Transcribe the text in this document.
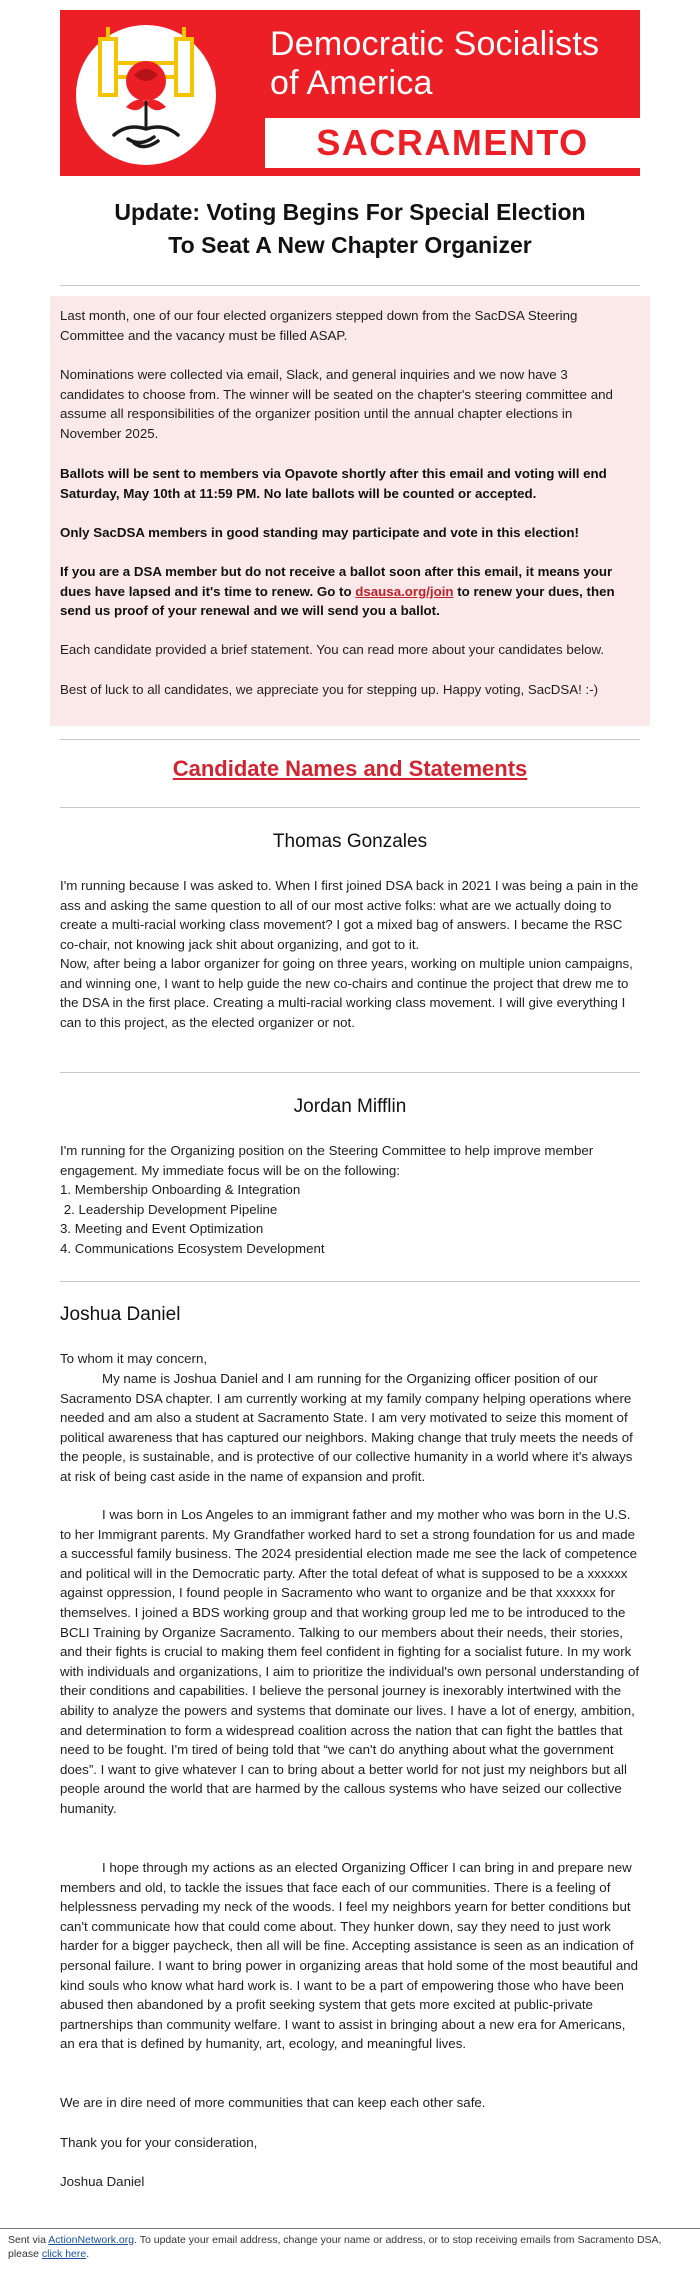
Democratic Socialists
of America
SACRAMENTO
Update: Voting Begins For Special Election
To Seat A New Chapter Organizer

Last month, one of our four elected organizers stepped down from the SacDSA Steering Committee and the vacancy must be filled ASAP.

Nominations were collected via email, Slack, and general inquiries and we now have 3 candidates to choose from. The winner will be seated on the chapter's steering committee and assume all responsibilities of the organizer position until the annual chapter elections in November 2025.

Ballots will be sent to members via Opavote shortly after this email and voting will end Saturday, May 10th at 11:59 PM. No late ballots will be counted or accepted.

Only SacDSA members in good standing may participate and vote in this election!

If you are a DSA member but do not receive a ballot soon after this email, it means your dues have lapsed and it's time to renew. Go to dsausa.org/join to renew your dues, then send us proof of your renewal and we will send you a ballot.

Each candidate provided a brief statement. You can read more about your candidates below.

Best of luck to all candidates, we appreciate you for stepping up. Happy voting, SacDSA! :-)

Candidate Names and Statements
Thomas Gonzales

I'm running because I was asked to. When I first joined DSA back in 2021 I was being a pain in the ass and asking the same question to all of our most active folks: what are we actually doing to create a multi-racial working class movement? I got a mixed bag of answers. I became the RSC co-chair, not knowing jack shit about organizing, and got to it.

Now, after being a labor organizer for going on three years, working on multiple union campaigns, and winning one, I want to help guide the new co-chairs and continue the project that drew me to the DSA in the first place. Creating a multi-racial working class movement. I will give everything I can to this project, as the elected organizer or not.

Jordan Mifflin

I'm running for the Organizing position on the Steering Committee to help improve member engagement. My immediate focus will be on the following:

1. Membership Onboarding & Integration
2. Leadership Development Pipeline
3. Meeting and Event Optimization
4. Communications Ecosystem Development
Joshua Daniel

To whom it may concern,

My name is Joshua Daniel and I am running for the Organizing officer position of our Sacramento DSA chapter. I am currently working at my family company helping operations where needed and am also a student at Sacramento State. I am very motivated to seize this moment of political awareness that has captured our neighbors. Making change that truly meets the needs of the people, is sustainable, and is protective of our collective humanity in a world where it's always at risk of being cast aside in the name of expansion and profit.

I was born in Los Angeles to an immigrant father and my mother who was born in the U.S. to her Immigrant parents. My Grandfather worked hard to set a strong foundation for us and made a successful family business. The 2024 presidential election made me see the lack of competence and political will in the Democratic party. After the total defeat of what is supposed to be a xxxxxx against oppression, I found people in Sacramento who want to organize and be that xxxxxx for themselves. I joined a BDS working group and that working group led me to be introduced to the BCLI Training by Organize Sacramento. Talking to our members about their needs, their stories, and their fights is crucial to making them feel confident in fighting for a socialist future. In my work with individuals and organizations, I aim to prioritize the individual's own personal understanding of their conditions and capabilities. I believe the personal journey is inexorably intertwined with the ability to analyze the powers and systems that dominate our lives. I have a lot of energy, ambition, and determination to form a widespread coalition across the nation that can fight the battles that need to be fought. I'm tired of being told that “we can't do anything about what the government does”. I want to give whatever I can to bring about a better world for not just my neighbors but all people around the world that are harmed by the callous systems who have seized our collective humanity.

I hope through my actions as an elected Organizing Officer I can bring in and prepare new members and old, to tackle the issues that face each of our communities. There is a feeling of helplessness pervading my neck of the woods. I feel my neighbors yearn for better conditions but can't communicate how that could come about. They hunker down, say they need to just work harder for a bigger paycheck, then all will be fine. Accepting assistance is seen as an indication of personal failure. I want to bring power in organizing areas that hold some of the most beautiful and kind souls who know what hard work is. I want to be a part of empowering those who have been abused then abandoned by a profit seeking system that gets more excited at public-private partnerships than community welfare. I want to assist in bringing about a new era for Americans, an era that is defined by humanity, art, ecology, and meaningful lives.

We are in dire need of more communities that can keep each other safe.

Thank you for your consideration,

Joshua Daniel

Sent via ActionNetwork.org. To update your email address, change your name or address, or to stop receiving emails from Sacramento DSA, please click here.
